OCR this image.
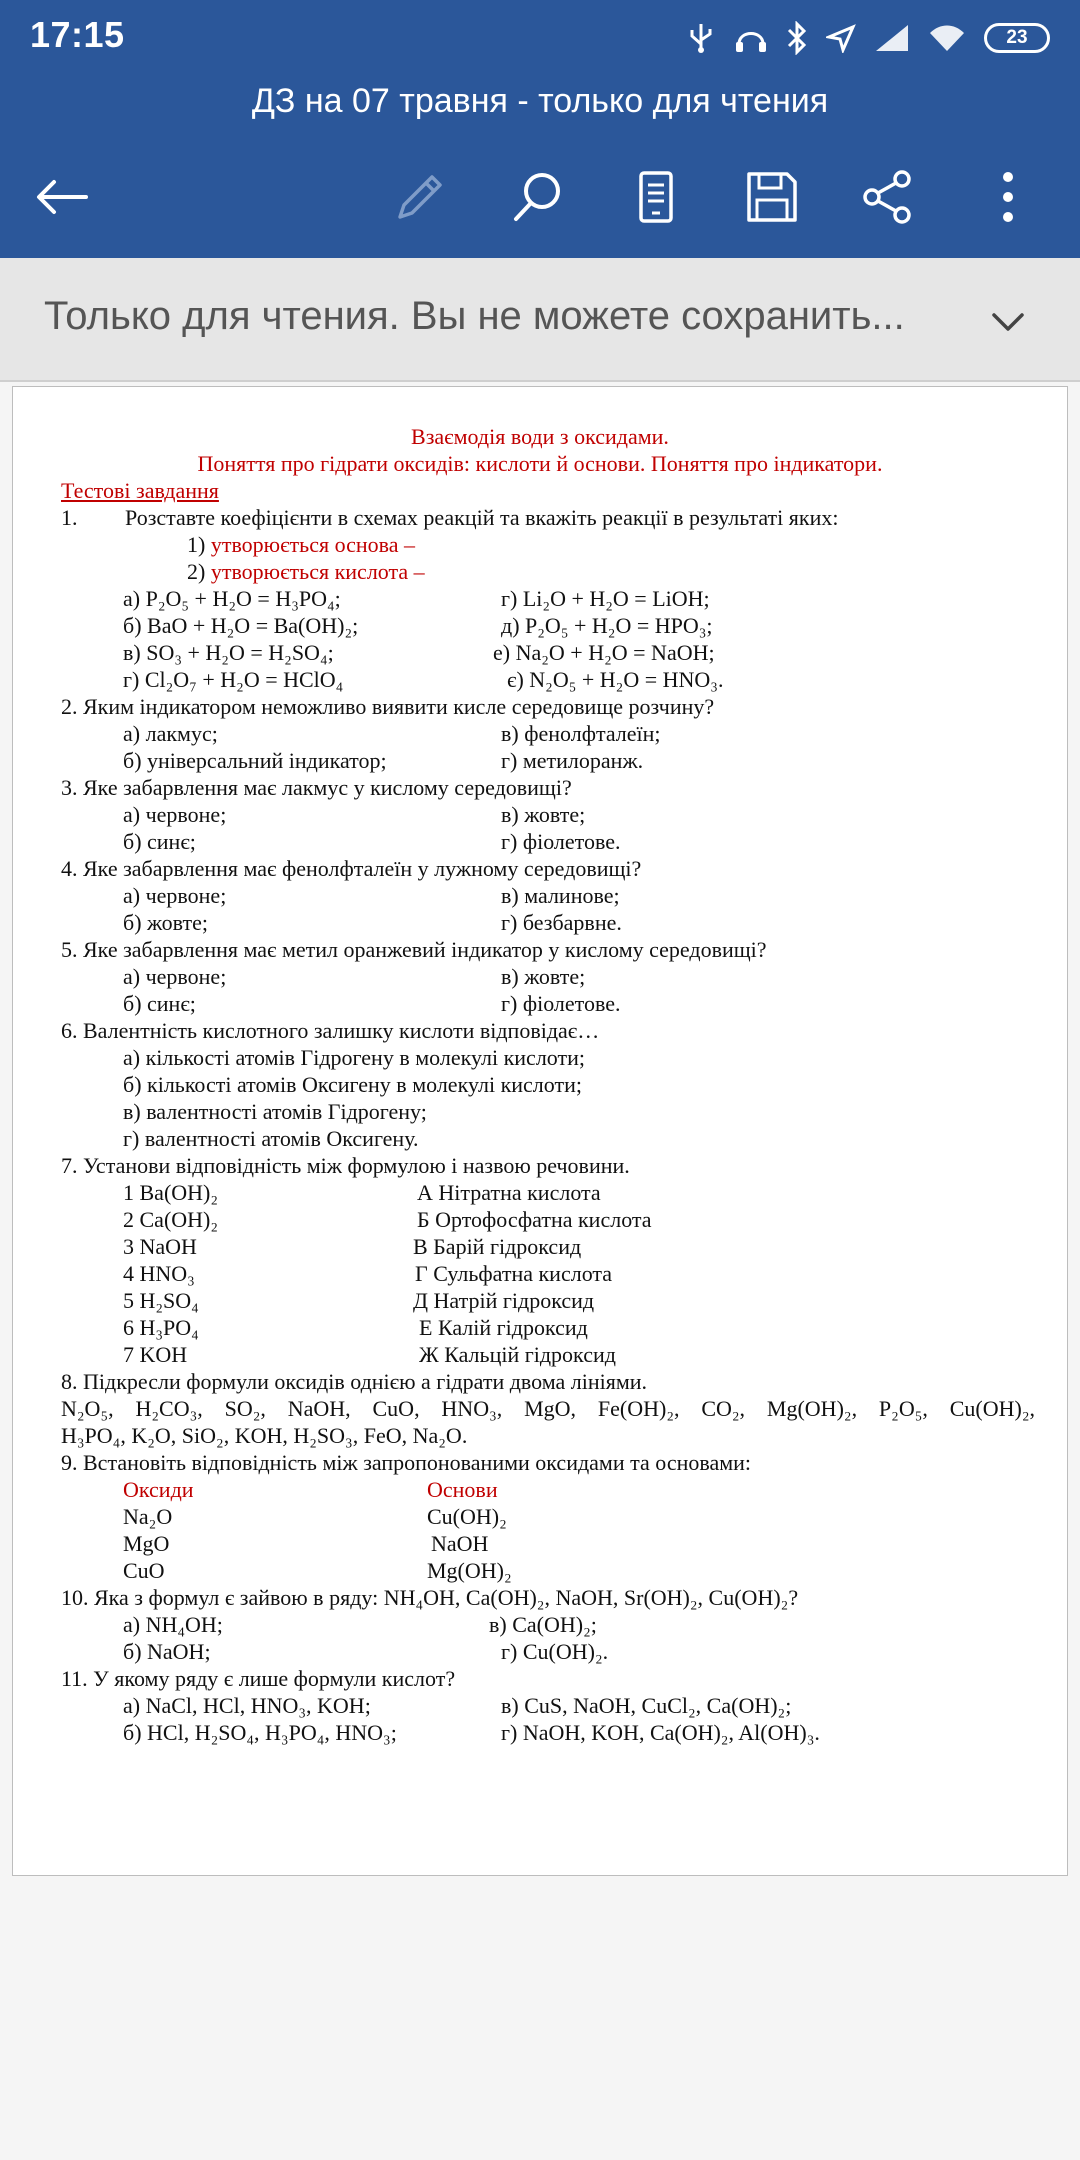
17:15	23
ДЗ на 07 травня - только для чтения
Только для чтения. Вы не можете сохранить...
Взаємодія води з оксидами.
Поняття про гідрати оксидів: кислоти й основи. Поняття про індикатори.
Тестові завдання
1. Розставте коефіцієнти в схемах реакцій та вкажіть реакції в результаті яких:
1) утворюється основа –
2) утворюється кислота –
а) P₂O₅ + H₂O = H₃PO₄;
б) BaO + H₂O = Ba(OH)₂;
в) SO₃ + H₂O = H₂SO₄;
г) Cl₂O₇ + H₂O = HClO₄
г) Li₂O + H₂O = LiOH;
д) P₂O₅ + H₂O = HPO₃;
е) Na₂O + H₂O = NaOH;
є) N₂O₅ + H₂O = HNO₃.
2. Яким індикатором неможливо виявити кисле середовище розчину?
а) лакмус;
б) універсальний індикатор;
в) фенолфталеїн;
г) метилоранж.
3. Яке забарвлення має лакмус у кислому середовищі?
а) червоне;
б) синє;
в) жовте;
г) фіолетове.
4. Яке забарвлення має фенолфталеїн у лужному середовищі?
а) червоне;
б) жовте;
в) малинове;
г) безбарвне.
5. Яке забарвлення має метил оранжевий індикатор у кислому середовищі?
а) червоне;
б) синє;
в) жовте;
г) фіолетове.
6. Валентність кислотного залишку кислоти відповідає…
а) кількості атомів Гідрогену в молекулі кислоти;
б) кількості атомів Оксигену в молекулі кислоти;
в) валентності атомів Гідрогену;
г) валентності атомів Оксигену.
7. Установи відповідність між формулою і назвою речовини.
1 Ba(OH)₂
2 Ca(OH)₂
3 NaOH
4 HNO₃
5 H₂SO₄
6 H₃PO₄
7 KOH
А Нітратна кислота
Б Ортофосфатна кислота
В Барій гідроксид
Г Сульфатна кислота
Д Натрій гідроксид
Е Калій гідроксид
Ж Кальцій гідроксид
8. Підкресли формули оксидів однією а гідрати двома лініями.
N₂O₅, H₂CO₃, SO₂, NaOH, CuO, HNO₃, MgO, Fe(OH)₂, CO₂, Mg(OH)₂, P₂O₅, Cu(OH)₂,
H₃PO₄, K₂O, SiO₂, KOH, H₂SO₃, FeO, Na₂O.
9. Встановіть відповідність між запропонованими оксидами та основами:
Оксиди	Основи
Na₂O
MgO
CuO
Cu(OH)₂
NaOH
Mg(OH)₂
10. Яка з формул є зайвою в ряду: NH₄OH, Ca(OH)₂, NaOH, Sr(OH)₂, Cu(OH)₂?
а) NH₄OH;
б) NaOH;
в) Ca(OH)₂;
г) Cu(OH)₂.
11. У якому ряду є лише формули кислот?
а) NaCl, HCl, HNO₃, KOH;
б) HCl, H₂SO₄, H₃PO₄, HNO₃;
в) CuS, NaOH, CuCl₂, Ca(OH)₂;
г) NaOH, KOH, Ca(OH)₂, Al(OH)₃.
